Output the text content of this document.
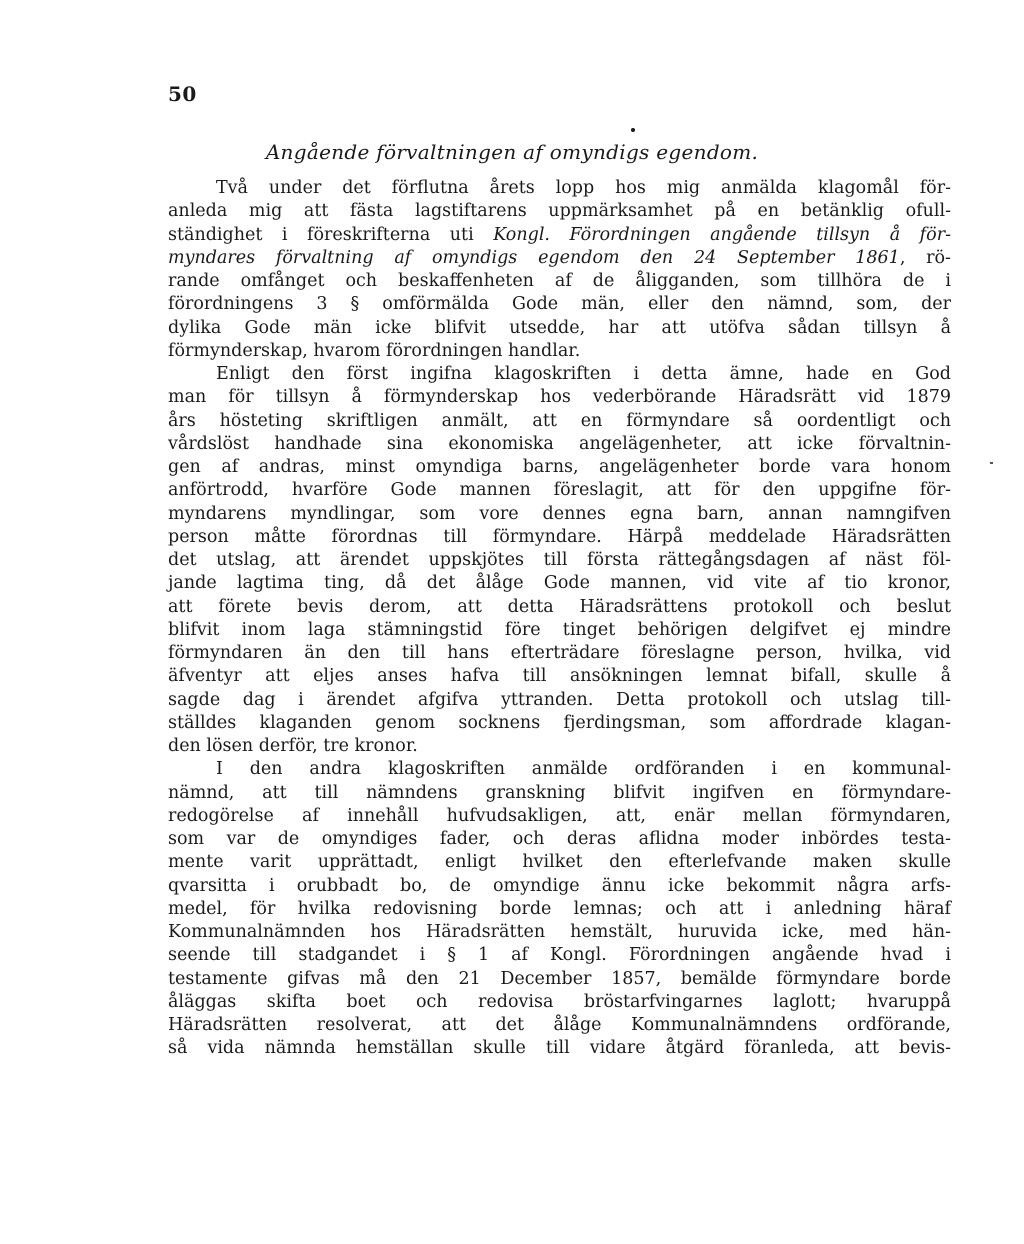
50
Angående förvaltningen af omyndigs egendom.
Två under det förflutna årets lopp hos mig anmälda klagomål för-
anleda mig att fästa lagstiftarens uppmärksamhet på en betänklig ofull-
ständighet i föreskrifterna uti Kongl. Förordningen angående tillsyn å för-
myndares förvaltning af omyndigs egendom den 24 September 1861, rö-
rande omfånget och beskaffenheten af de åligganden, som tillhöra de i
förordningens 3 § omförmälda Gode män, eller den nämnd, som, der
dylika Gode män icke blifvit utsedde, har att utöfva sådan tillsyn å
förmynderskap, hvarom förordningen handlar.
Enligt den först ingifna klagoskriften i detta ämne, hade en God
man för tillsyn å förmynderskap hos vederbörande Häradsrätt vid 1879
års hösteting skriftligen anmält, att en förmyndare så oordentligt och
vårdslöst handhade sina ekonomiska angelägenheter, att icke förvaltnin-
gen af andras, minst omyndiga barns, angelägenheter borde vara honom
anförtrodd, hvarföre Gode mannen föreslagit, att för den uppgifne för-
myndarens myndlingar, som vore dennes egna barn, annan namngifven
person måtte förordnas till förmyndare. Härpå meddelade Häradsrätten
det utslag, att ärendet uppskjötes till första rättegångsdagen af näst föl-
jande lagtima ting, då det ålåge Gode mannen, vid vite af tio kronor,
att förete bevis derom, att detta Häradsrättens protokoll och beslut
blifvit inom laga stämningstid före tinget behörigen delgifvet ej mindre
förmyndaren än den till hans efterträdare föreslagne person, hvilka, vid
äfventyr att eljes anses hafva till ansökningen lemnat bifall, skulle å
sagde dag i ärendet afgifva yttranden. Detta protokoll och utslag till-
ställdes klaganden genom socknens fjerdingsman, som affordrade klagan-
den lösen derför, tre kronor.
I den andra klagoskriften anmälde ordföranden i en kommunal-
nämnd, att till nämndens granskning blifvit ingifven en förmyndare-
redogörelse af innehåll hufvudsakligen, att, enär mellan förmyndaren,
som var de omyndiges fader, och deras aflidna moder inbördes testa-
mente varit upprättadt, enligt hvilket den efterlefvande maken skulle
qvarsitta i orubbadt bo, de omyndige ännu icke bekommit några arfs-
medel, för hvilka redovisning borde lemnas; och att i anledning häraf
Kommunalnämnden hos Häradsrätten hemstält, huruvida icke, med hän-
seende till stadgandet i § 1 af Kongl. Förordningen angående hvad i
testamente gifvas må den 21 December 1857, bemälde förmyndare borde
åläggas skifta boet och redovisa bröstarfvingarnes laglott; hvaruppå
Häradsrätten resolverat, att det ålåge Kommunalnämndens ordförande,
så vida nämnda hemställan skulle till vidare åtgärd föranleda, att bevis-
